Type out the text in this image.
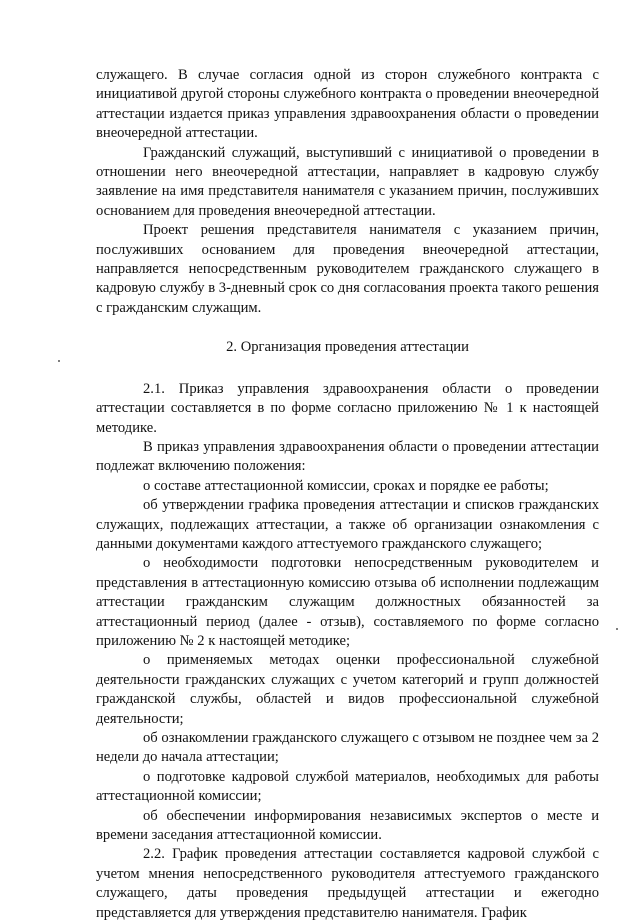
служащего. В случае согласия одной из сторон служебного контракта с инициативой другой стороны служебного контракта о проведении внеочередной аттестации издается приказ управления здравоохранения области о проведении внеочередной аттестации.

Гражданский служащий, выступивший с инициативой о проведении в отношении него внеочередной аттестации, направляет в кадровую службу заявление на имя представителя нанимателя с указанием причин, послуживших основанием для проведения внеочередной аттестации.

Проект решения представителя нанимателя с указанием причин, послуживших основанием для проведения внеочередной аттестации, направляется непосредственным руководителем гражданского служащего в кадровую службу в 3-дневный срок со дня согласования проекта такого решения с гражданским служащим.

2. Организация проведения аттестации

2.1. Приказ управления здравоохранения области о проведении аттестации составляется в по форме согласно приложению № 1 к настоящей методике.

В приказ управления здравоохранения области о проведении аттестации подлежат включению положения:

о составе аттестационной комиссии, сроках и порядке ее работы;

об утверждении графика проведения аттестации и списков гражданских служащих, подлежащих аттестации, а также об организации ознакомления с данными документами каждого аттестуемого гражданского служащего;

о необходимости подготовки непосредственным руководителем и представления в аттестационную комиссию отзыва об исполнении подлежащим аттестации гражданским служащим должностных обязанностей за аттестационный период (далее - отзыв), составляемого по форме согласно приложению № 2 к настоящей методике;

о применяемых методах оценки профессиональной служебной деятельности гражданских служащих с учетом категорий и групп должностей гражданской службы, областей и видов профессиональной служебной деятельности;

об ознакомлении гражданского служащего с отзывом не позднее чем за 2 недели до начала аттестации;

о подготовке кадровой службой материалов, необходимых для работы аттестационной комиссии;

об обеспечении информирования независимых экспертов о месте и времени заседания аттестационной комиссии.

2.2. График проведения аттестации составляется кадровой службой с учетом мнения непосредственного руководителя аттестуемого гражданского служащего, даты проведения предыдущей аттестации и ежегодно представляется для утверждения представителю нанимателя. График
